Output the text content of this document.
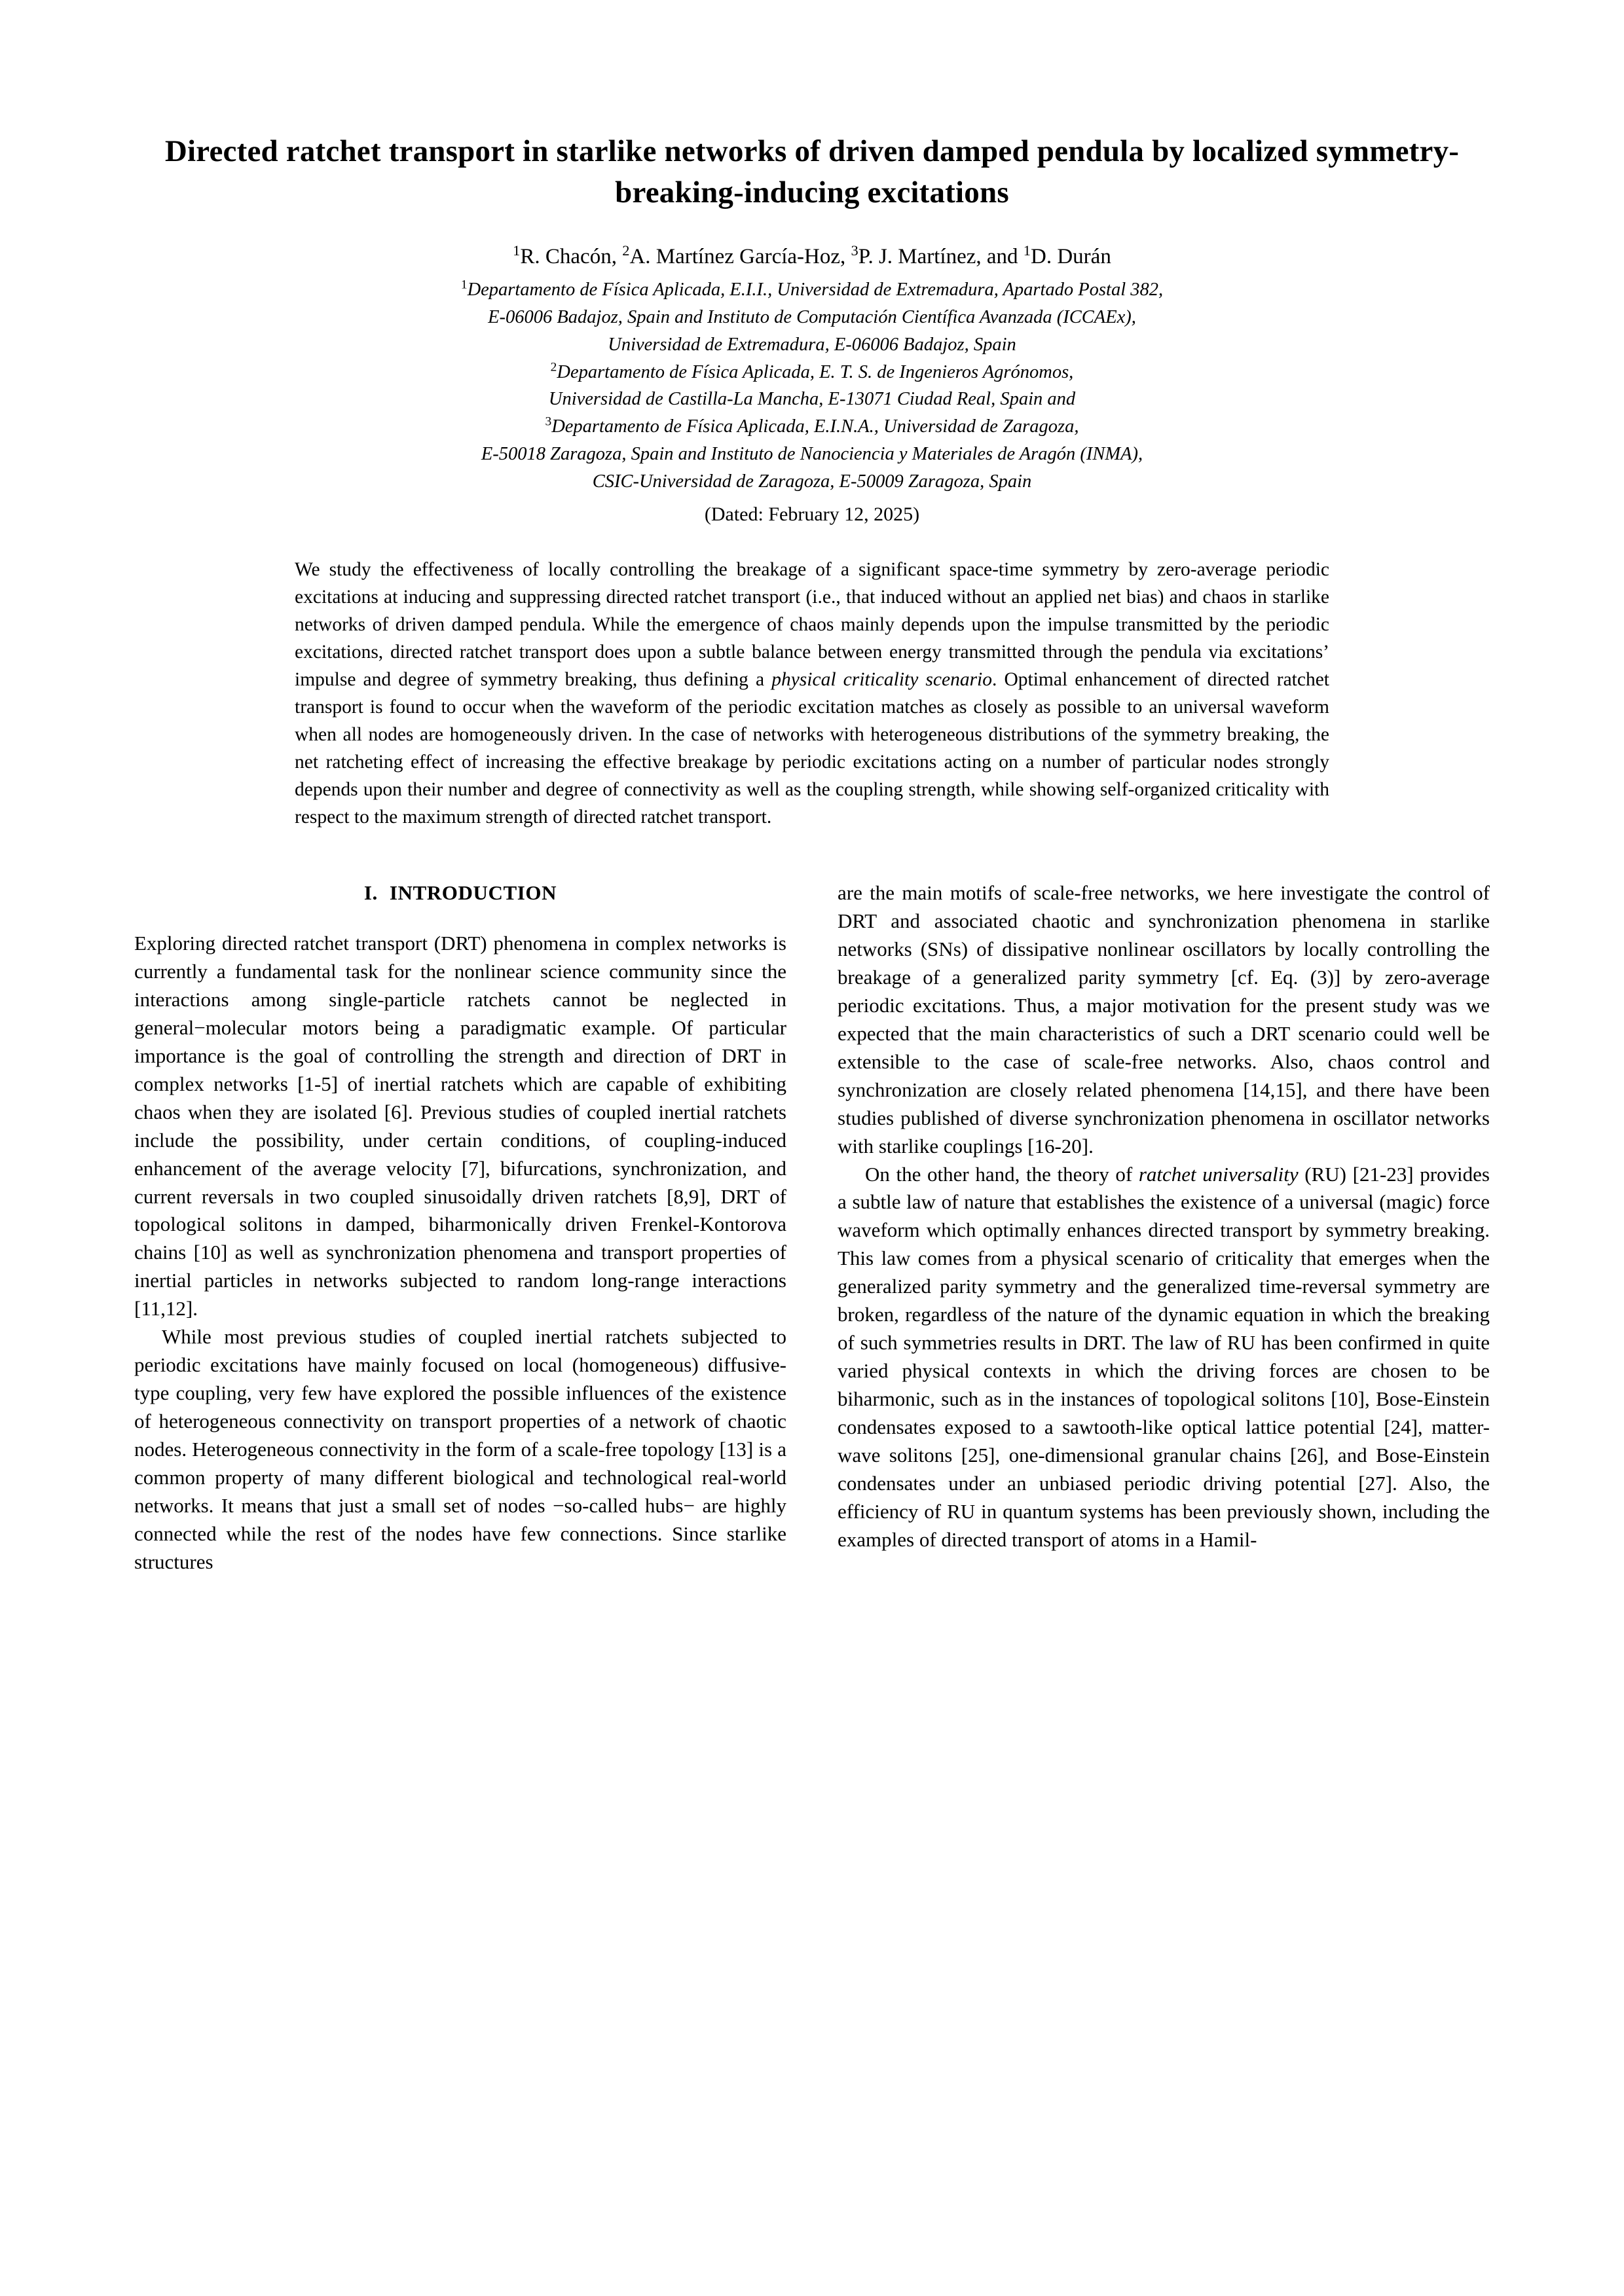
Directed ratchet transport in starlike networks of driven damped pendula by localized symmetry-breaking-inducing excitations
$^1$R. Chacón, $^2$A. Martínez García-Hoz, $^3$P. J. Martínez, and $^1$D. Durán
$^1$Departamento de Física Aplicada, E.I.I., Universidad de Extremadura, Apartado Postal 382,
E-06006 Badajoz, Spain and Instituto de Computación Científica Avanzada (ICCAEx),
Universidad de Extremadura, E-06006 Badajoz, Spain
$^2$Departamento de Física Aplicada, E. T. S. de Ingenieros Agrónomos,
Universidad de Castilla-La Mancha, E-13071 Ciudad Real, Spain and
$^3$Departamento de Física Aplicada, E.I.N.A., Universidad de Zaragoza,
E-50018 Zaragoza, Spain and Instituto de Nanociencia y Materiales de Aragón (INMA),
CSIC-Universidad de Zaragoza, E-50009 Zaragoza, Spain
(Dated: February 12, 2025)
We study the effectiveness of locally controlling the breakage of a significant space-time symmetry by zero-average periodic excitations at inducing and suppressing directed ratchet transport (i.e., that induced without an applied net bias) and chaos in starlike networks of driven damped pendula. While the emergence of chaos mainly depends upon the impulse transmitted by the periodic excitations, directed ratchet transport does upon a subtle balance between energy transmitted through the pendula via excitations’ impulse and degree of symmetry breaking, thus defining a physical criticality scenario. Optimal enhancement of directed ratchet transport is found to occur when the waveform of the periodic excitation matches as closely as possible to an universal waveform when all nodes are homogeneously driven. In the case of networks with heterogeneous distributions of the symmetry breaking, the net ratcheting effect of increasing the effective breakage by periodic excitations acting on a number of particular nodes strongly depends upon their number and degree of connectivity as well as the coupling strength, while showing self-organized criticality with respect to the maximum strength of directed ratchet transport.
I. INTRODUCTION

Exploring directed ratchet transport (DRT) phenomena in complex networks is currently a fundamental task for the nonlinear science community since the interactions among single-particle ratchets cannot be neglected in general−molecular motors being a paradigmatic example. Of particular importance is the goal of controlling the strength and direction of DRT in complex networks [1-5] of inertial ratchets which are capable of exhibiting chaos when they are isolated [6]. Previous studies of coupled inertial ratchets include the possibility, under certain conditions, of coupling-induced enhancement of the average velocity [7], bifurcations, synchronization, and current reversals in two coupled sinusoidally driven ratchets [8,9], DRT of topological solitons in damped, biharmonically driven Frenkel-Kontorova chains [10] as well as synchronization phenomena and transport properties of inertial particles in networks subjected to random long-range interactions [11,12].

While most previous studies of coupled inertial ratchets subjected to periodic excitations have mainly focused on local (homogeneous) diffusive-type coupling, very few have explored the possible influences of the existence of heterogeneous connectivity on transport properties of a network of chaotic nodes. Heterogeneous connectivity in the form of a scale-free topology [13] is a common property of many different biological and technological real-world networks. It means that just a small set of nodes −so-called hubs− are highly connected while the rest of the nodes have few connections. Since starlike structures

are the main motifs of scale-free networks, we here investigate the control of DRT and associated chaotic and synchronization phenomena in starlike networks (SNs) of dissipative nonlinear oscillators by locally controlling the breakage of a generalized parity symmetry [cf. Eq. (3)] by zero-average periodic excitations. Thus, a major motivation for the present study was we expected that the main characteristics of such a DRT scenario could well be extensible to the case of scale-free networks. Also, chaos control and synchronization are closely related phenomena [14,15], and there have been studies published of diverse synchronization phenomena in oscillator networks with starlike couplings [16-20].

On the other hand, the theory of ratchet universality (RU) [21-23] provides a subtle law of nature that establishes the existence of a universal (magic) force waveform which optimally enhances directed transport by symmetry breaking. This law comes from a physical scenario of criticality that emerges when the generalized parity symmetry and the generalized time-reversal symmetry are broken, regardless of the nature of the dynamic equation in which the breaking of such symmetries results in DRT. The law of RU has been confirmed in quite varied physical contexts in which the driving forces are chosen to be biharmonic, such as in the instances of topological solitons [10], Bose-Einstein condensates exposed to a sawtooth-like optical lattice potential [24], matter-wave solitons [25], one-dimensional granular chains [26], and Bose-Einstein condensates under an unbiased periodic driving potential [27]. Also, the efficiency of RU in quantum systems has been previously shown, including the examples of directed transport of atoms in a Hamil-
